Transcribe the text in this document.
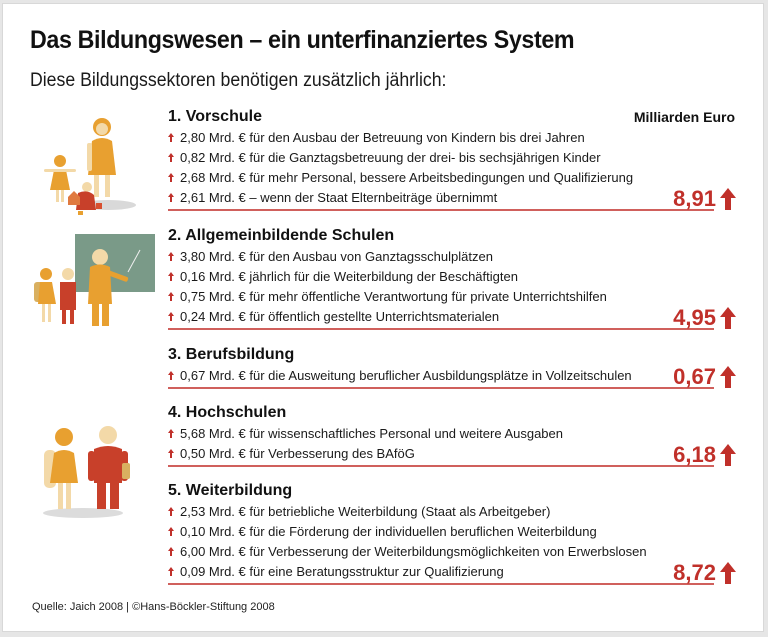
Das Bildungswesen – ein unterfinanziertes System
Diese Bildungssektoren benötigen zusätzlich jährlich:
Milliarden Euro
1. Vorschule
2,80 Mrd. € für den Ausbau der Betreuung von Kindern bis drei Jahren
0,82 Mrd. € für die Ganztagsbetreuung der drei- bis sechsjährigen Kinder
2,68 Mrd. € für mehr Personal, bessere Arbeitsbedingungen und Qualifizierung
2,61 Mrd. € – wenn der Staat Elternbeiträge übernimmt	8,91
2. Allgemeinbildende Schulen
3,80 Mrd. € für den Ausbau von Ganztagsschulplätzen
0,16 Mrd. € jährlich für die Weiterbildung der Beschäftigten
0,75 Mrd. € für mehr öffentliche Verantwortung für private Unterrichtshilfen
0,24 Mrd. € für öffentlich gestellte Unterrichtsmaterialen	4,95
3. Berufsbildung
0,67 Mrd. € für die Ausweitung beruflicher Ausbildungsplätze in Vollzeitschulen	0,67
4. Hochschulen
5,68 Mrd. € für wissenschaftliches Personal und weitere Ausgaben
0,50 Mrd. € für Verbesserung des BAföG	6,18
5. Weiterbildung
2,53 Mrd. € für betriebliche Weiterbildung (Staat als Arbeitgeber)
0,10 Mrd. € für die Förderung der individuellen beruflichen Weiterbildung
6,00 Mrd. € für Verbesserung der Weiterbildungsmöglichkeiten von Erwerbslosen
0,09 Mrd. € für eine Beratungsstruktur zur Qualifizierung	8,72
Quelle: Jaich 2008 | ©Hans-Böckler-Stiftung 2008
